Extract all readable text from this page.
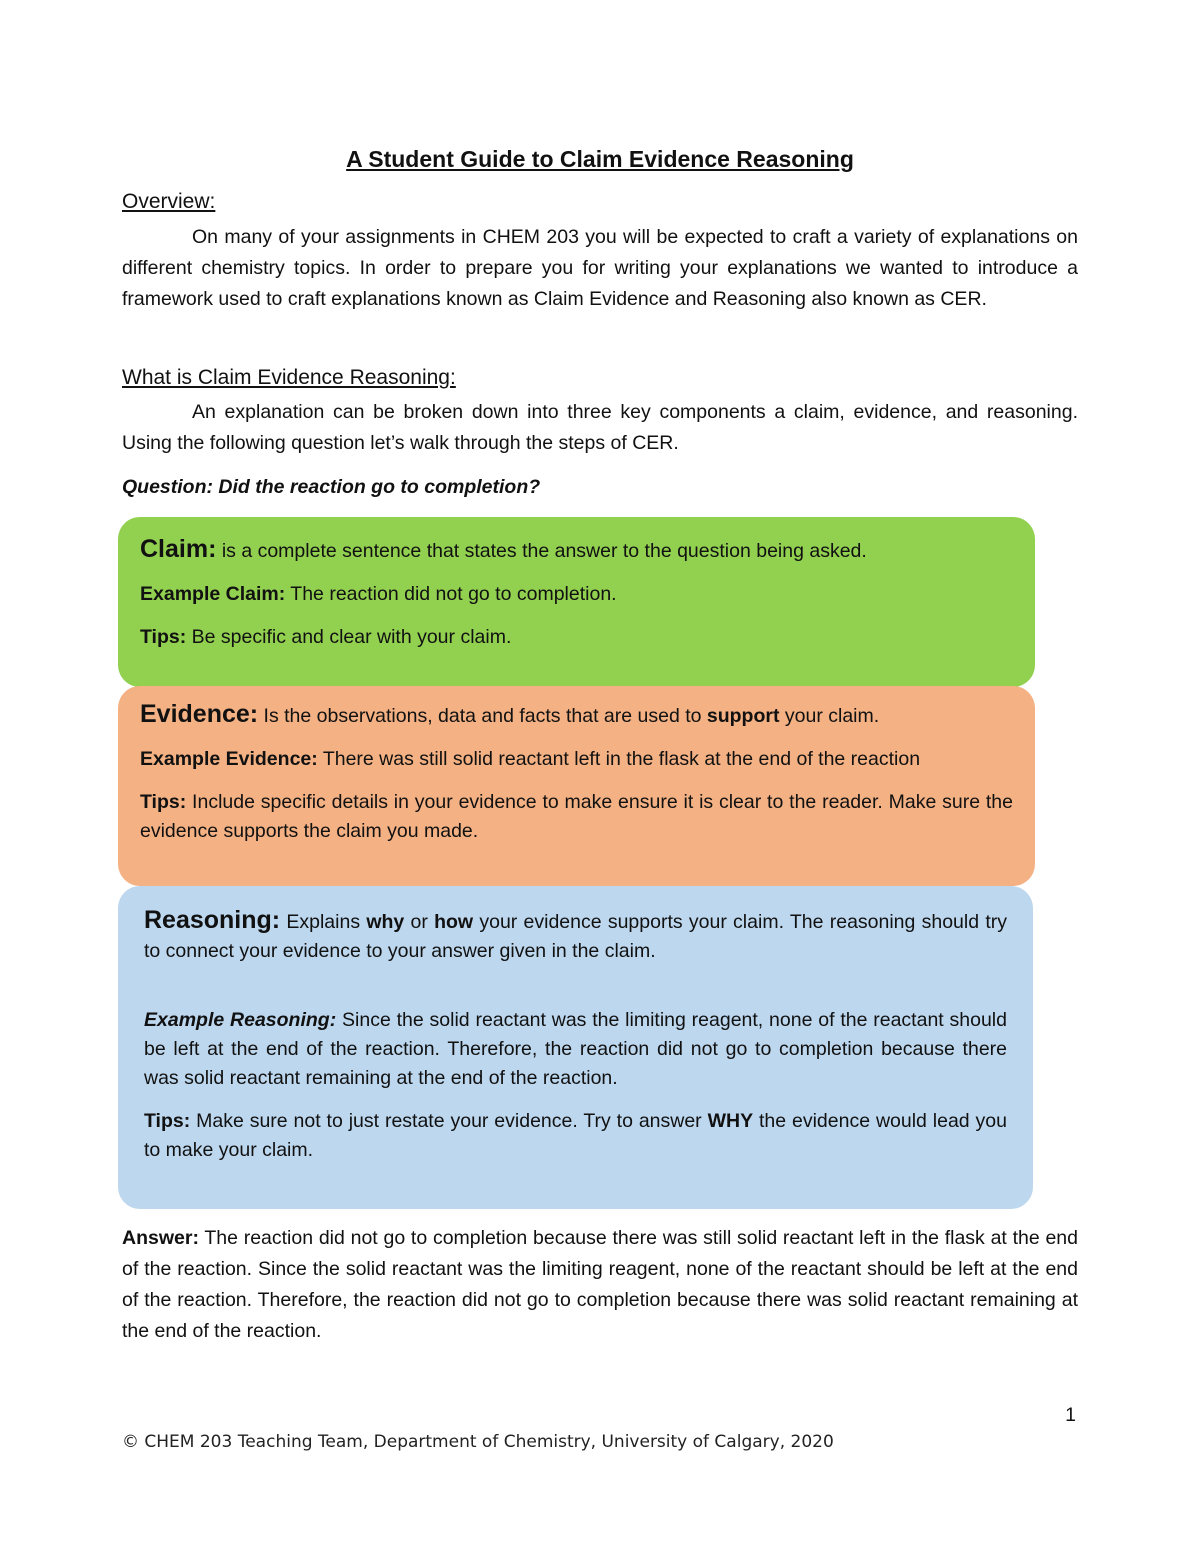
A Student Guide to Claim Evidence Reasoning
Overview:
On many of your assignments in CHEM 203 you will be expected to craft a variety of explanations on different chemistry topics. In order to prepare you for writing your explanations we wanted to introduce a framework used to craft explanations known as Claim Evidence and Reasoning also known as CER.
What is Claim Evidence Reasoning:
An explanation can be broken down into three key components a claim, evidence, and reasoning. Using the following question let’s walk through the steps of CER.
Question: Did the reaction go to completion?
Claim: is a complete sentence that states the answer to the question being asked.
Example Claim: The reaction did not go to completion.
Tips: Be specific and clear with your claim.
Evidence: Is the observations, data and facts that are used to support your claim.
Example Evidence: There was still solid reactant left in the flask at the end of the reaction
Tips: Include specific details in your evidence to make ensure it is clear to the reader. Make sure the evidence supports the claim you made.
Reasoning: Explains why or how your evidence supports your claim. The reasoning should try to connect your evidence to your answer given in the claim.
Example Reasoning: Since the solid reactant was the limiting reagent, none of the reactant should be left at the end of the reaction. Therefore, the reaction did not go to completion because there was solid reactant remaining at the end of the reaction.
Tips: Make sure not to just restate your evidence. Try to answer WHY the evidence would lead you to make your claim.
Answer: The reaction did not go to completion because there was still solid reactant left in the flask at the end of the reaction. Since the solid reactant was the limiting reagent, none of the reactant should be left at the end of the reaction. Therefore, the reaction did not go to completion because there was solid reactant remaining at the end of the reaction.
1
© CHEM 203 Teaching Team, Department of Chemistry, University of Calgary, 2020
